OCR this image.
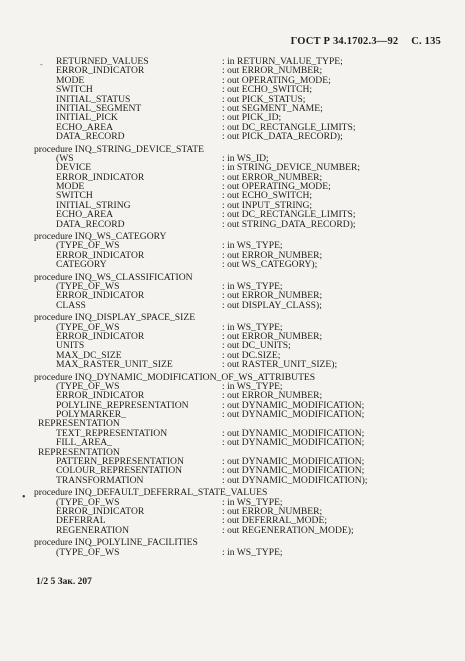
ГОСТ Р 34.1702.3—92 С. 135
RETURNED_VALUES	: in RETURN_VALUE_TYPE;
ERROR_INDICATOR	: out ERROR_NUMBER;
MODE	: out OPERATING_MODE;
SWITCH	: out ECHO_SWITCH;
INITIAL_STATUS	: out PICK_STATUS;
INITIAL_SEGMENT	: out SEGMENT_NAME;
INITIAL_PICK	: out PICK_ID;
ECHO_AREA	: out DC_RECTANGLE_LIMITS;
DATA_RECORD	: out PICK_DATA_RECORD);
procedure INQ_STRING_DEVICE_STATE
(WS	: in WS_ID;
DEVICE	: in STRING_DEVICE_NUMBER;
ERROR_INDICATOR	: out ERROR_NUMBER;
MODE	: out OPERATING_MODE;
SWITCH	: out ECHO_SWITCH;
INITIAL_STRING	: out INPUT_STRING;
ECHO_AREA	: out DC_RECTANGLE_LIMITS;
DATA_RECORD	: out STRING_DATA_RECORD);
procedure INQ_WS_CATEGORY
(TYPE_OF_WS	: in WS_TYPE;
ERROR_INDICATOR	: out ERROR_NUMBER;
CATEGORY	: out WS_CATEGORY);
procedure INQ_WS_CLASSIFICATION
(TYPE_OF_WS	: in WS_TYPE;
ERROR_INDICATOR	: out ERROR_NUMBER;
CLASS	: out DISPLAY_CLASS);
procedure INQ_DISPLAY_SPACE_SIZE
(TYPE_OF_WS	: in WS_TYPE;
ERROR_INDICATOR	: out ERROR_NUMBER;
UNITS	: out DC_UNITS;
MAX_DC_SIZE	: out DC.SIZE;
MAX_RASTER_UNIT_SIZE	: out RASTER_UNIT_SIZE);
procedure INQ_DYNAMIC_MODIFICATION_OF_WS_ATTRIBUTES
(TYPE_OF_WS	: in WS_TYPE;
ERROR_INDICATOR	: out ERROR_NUMBER;
POLYLINE_REPRESENTATION	: out DYNAMIC_MODIFICATION;
POLYMARKER_	: out DYNAMIC_MODIFICATION;
REPRESENTATION
TEXT_REPRESENTATION	: out DYNAMIC_MODIFICATION;
FILL_AREA_	: out DYNAMIC_MODIFICATION;
REPRESENTATION
PATTERN_REPRESENTATION	: out DYNAMIC_MODIFICATION;
COLOUR_REPRESENTATION	: out DYNAMIC_MODIFICATION;
TRANSFORMATION	: out DYNAMIC_MODIFICATION);
procedure INQ_DEFAULT_DEFERRAL_STATE_VALUES
(TYPE_OF_WS	: in WS_TYPE;
ERROR_INDICATOR	: out ERROR_NUMBER;
DEFERRAL	: out DEFERRAL_MODE;
REGENERATION	: out REGENERATION_MODE);
procedure INQ_POLYLINE_FACILITIES
(TYPE_OF_WS	: in WS_TYPE;
1/2 5 Зак. 207
‑
•
